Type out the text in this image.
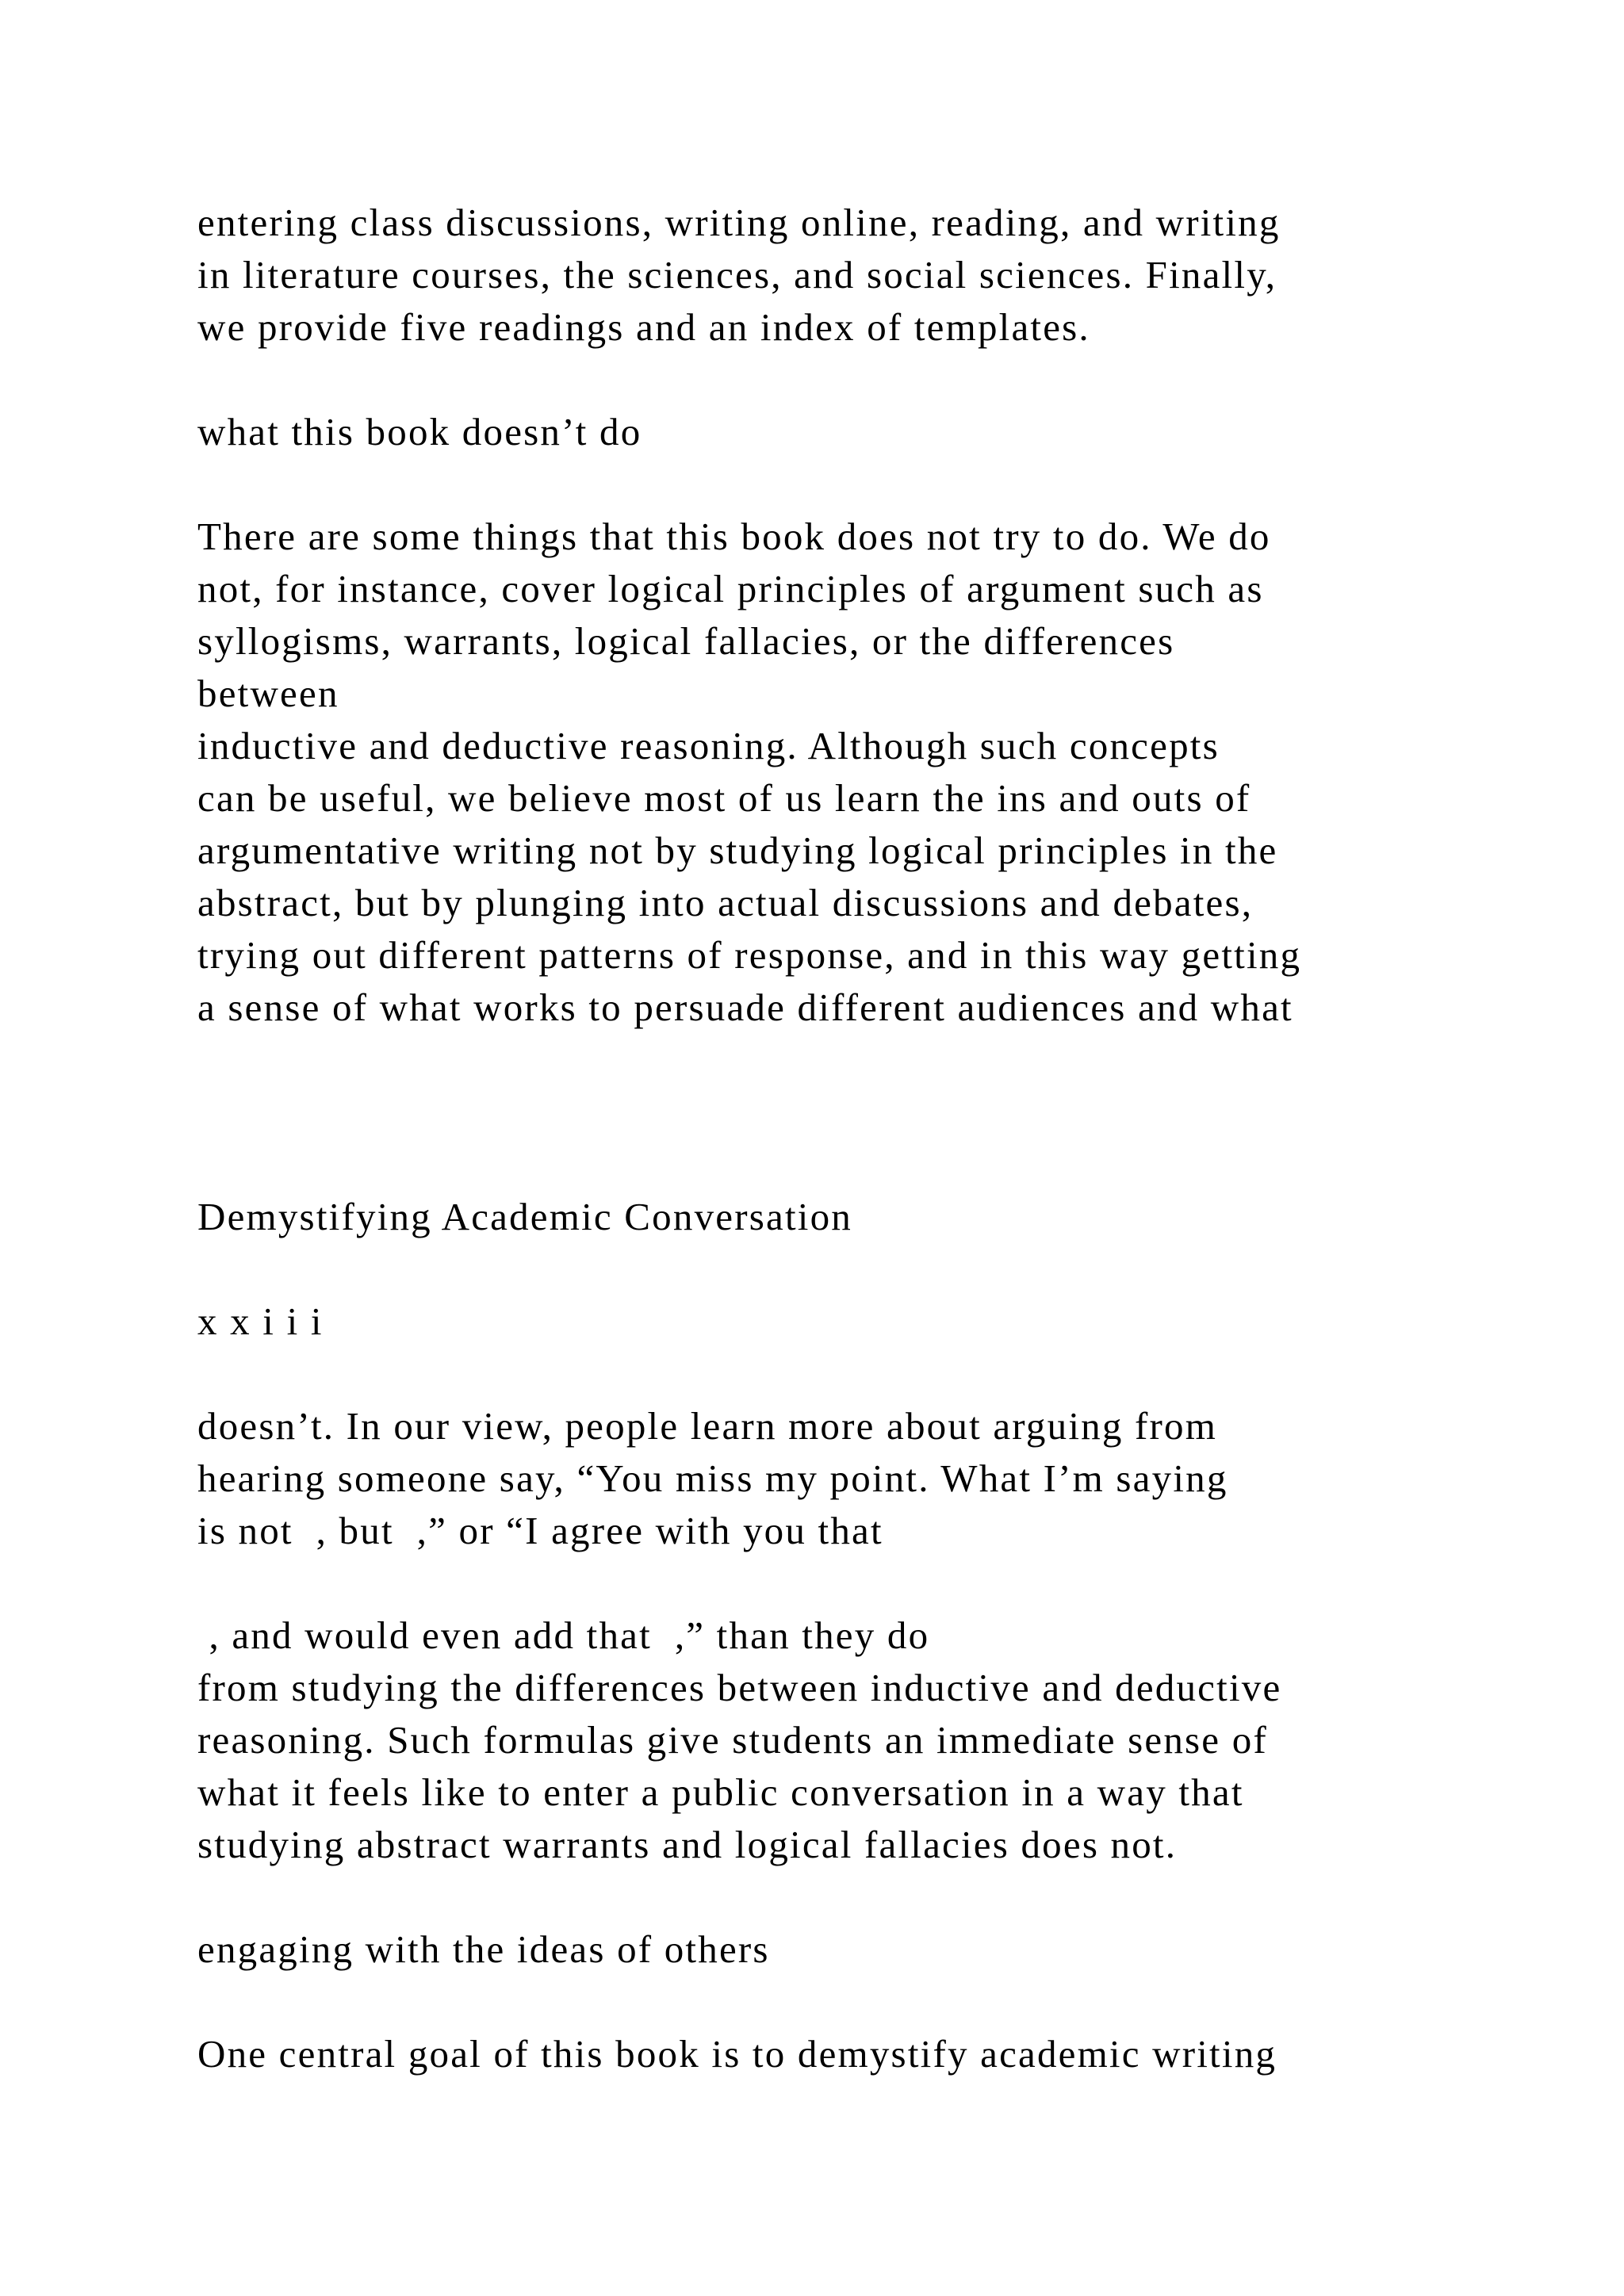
entering class discussions, writing online, reading, and writing

in literature courses, the sciences, and social sciences. Finally,

we provide five readings and an index of templates.

what this book doesn’t do

There are some things that this book does not try to do. We do

not, for instance, cover logical principles of argument such as

syllogisms, warrants, logical fallacies, or the differences

between

inductive and deductive reasoning. Although such concepts

can be useful, we believe most of us learn the ins and outs of

argumentative writing not by studying logical principles in the

abstract, but by plunging into actual discussions and debates,

trying out different patterns of response, and in this way getting

a sense of what works to persuade different audiences and what

Demystifying Academic Conversation

x x i i i

doesn’t. In our view, people learn more about arguing from

hearing someone say, “You miss my point. What I’m saying

is not  , but  ,” or “I agree with you that

, and would even add that  ,” than they do

from studying the differences between inductive and deductive

reasoning. Such formulas give students an immediate sense of

what it feels like to enter a public conversation in a way that

studying abstract warrants and logical fallacies does not.

engaging with the ideas of others

One central goal of this book is to demystify academic writing
